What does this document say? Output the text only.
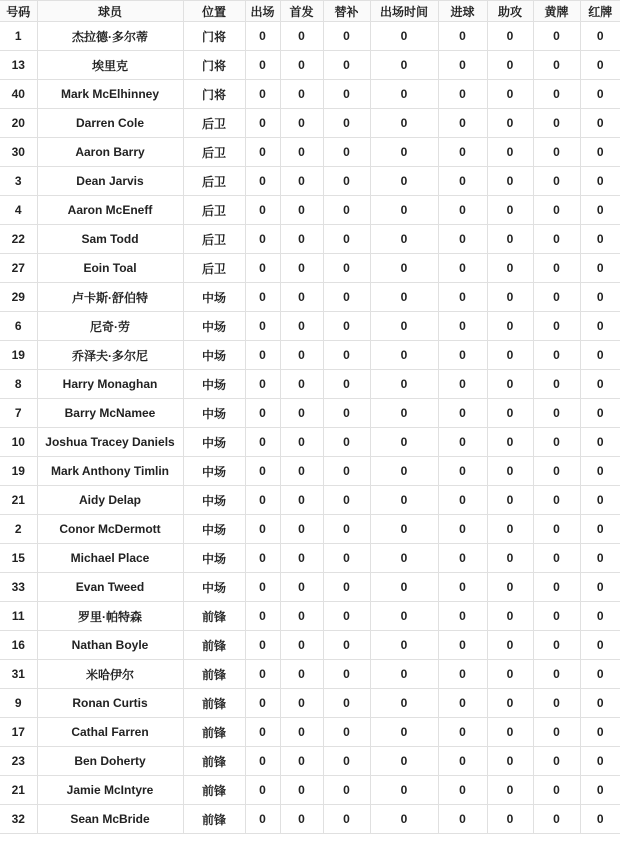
号码	球员	位置	出场	首发	替补	出场时间	进球	助攻	黄牌	红牌
1	杰拉德·多尔蒂	门将	0	0	0	0	0	0	0	0
13	埃里克	门将	0	0	0	0	0	0	0	0
40	Mark McElhinney	门将	0	0	0	0	0	0	0	0
20	Darren Cole	后卫	0	0	0	0	0	0	0	0
30	Aaron Barry	后卫	0	0	0	0	0	0	0	0
3	Dean Jarvis	后卫	0	0	0	0	0	0	0	0
4	Aaron McEneff	后卫	0	0	0	0	0	0	0	0
22	Sam Todd	后卫	0	0	0	0	0	0	0	0
27	Eoin Toal	后卫	0	0	0	0	0	0	0	0
29	卢卡斯·舒伯特	中场	0	0	0	0	0	0	0	0
6	尼奇·劳	中场	0	0	0	0	0	0	0	0
19	乔泽夫·多尔尼	中场	0	0	0	0	0	0	0	0
8	Harry Monaghan	中场	0	0	0	0	0	0	0	0
7	Barry McNamee	中场	0	0	0	0	0	0	0	0
10	Joshua Tracey Daniels	中场	0	0	0	0	0	0	0	0
19	Mark Anthony Timlin	中场	0	0	0	0	0	0	0	0
21	Aidy Delap	中场	0	0	0	0	0	0	0	0
2	Conor McDermott	中场	0	0	0	0	0	0	0	0
15	Michael Place	中场	0	0	0	0	0	0	0	0
33	Evan Tweed	中场	0	0	0	0	0	0	0	0
11	罗里·帕特森	前锋	0	0	0	0	0	0	0	0
16	Nathan Boyle	前锋	0	0	0	0	0	0	0	0
31	米哈伊尔	前锋	0	0	0	0	0	0	0	0
9	Ronan Curtis	前锋	0	0	0	0	0	0	0	0
17	Cathal Farren	前锋	0	0	0	0	0	0	0	0
23	Ben Doherty	前锋	0	0	0	0	0	0	0	0
21	Jamie McIntyre	前锋	0	0	0	0	0	0	0	0
32	Sean McBride	前锋	0	0	0	0	0	0	0	0
